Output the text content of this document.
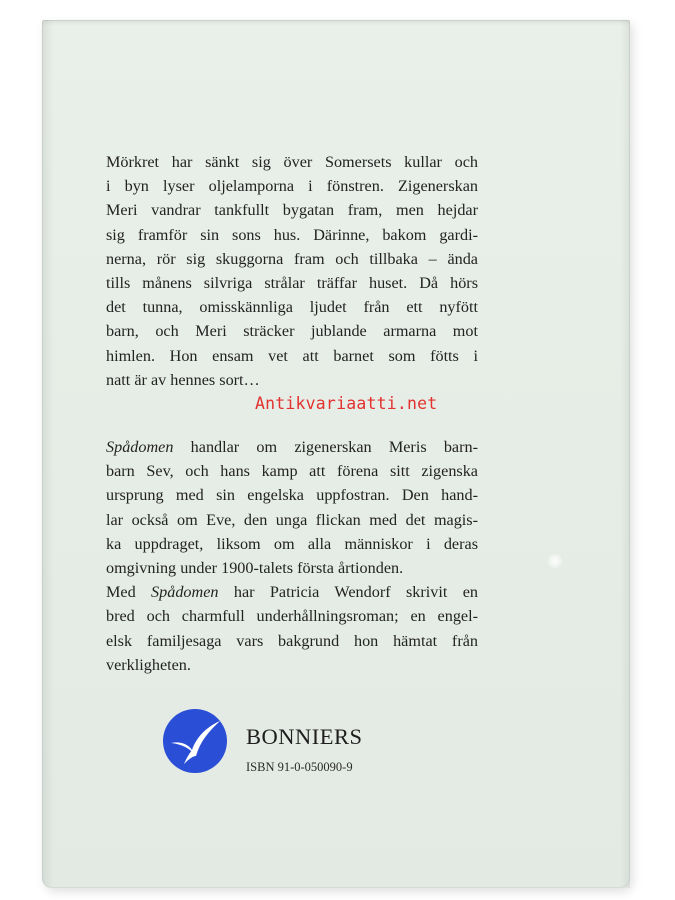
Mörkret har sänkt sig över Somersets kullar och
i byn lyser oljelamporna i fönstren. Zigenerskan
Meri vandrar tankfullt bygatan fram, men hejdar
sig framför sin sons hus. Därinne, bakom gardi-
nerna, rör sig skuggorna fram och tillbaka – ända
tills månens silvriga strålar träffar huset. Då hörs
det tunna, omisskännliga ljudet från ett nyfött
barn, och Meri sträcker jublande armarna mot
himlen. Hon ensam vet att barnet som fötts i
natt är av hennes sort…

Spådomen handlar om zigenerskan Meris barn-
barn Sev, och hans kamp att förena sitt zigenska
ursprung med sin engelska uppfostran. Den hand-
lar också om Eve, den unga flickan med det magis-
ka uppdraget, liksom om alla människor i deras
omgivning under 1900-talets första årtionden.

Med Spådomen har Patricia Wendorf skrivit en
bred och charmfull underhållningsroman; en engel-
elsk familjesaga vars bakgrund hon hämtat från
verkligheten.

Antikvariaatti.net
BONNIERS
ISBN 91-0-050090-9
